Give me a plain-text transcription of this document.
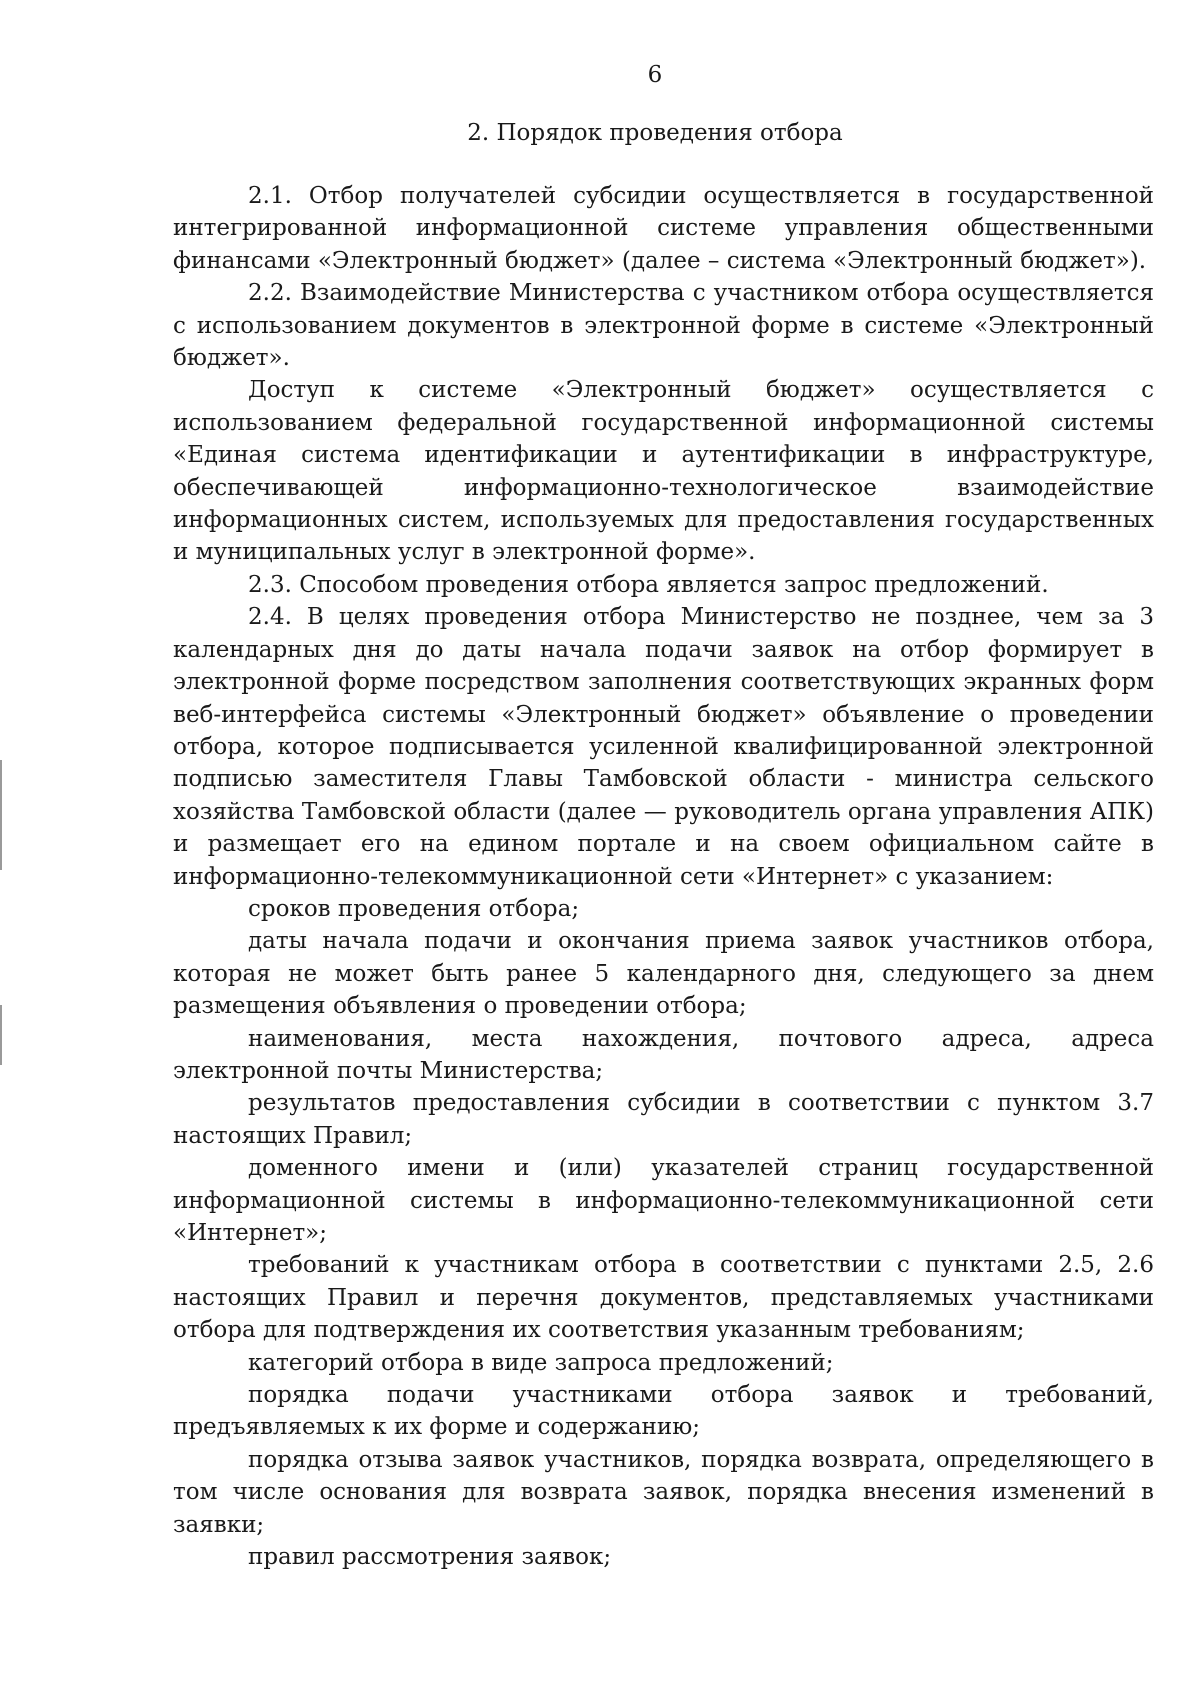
6
2. Порядок проведения отбора

2.1. Отбор получателей субсидии осуществляется в государственной интегрированной информационной системе управления общественными финансами «Электронный бюджет» (далее – система «Электронный бюджет»).

2.2. Взаимодействие Министерства с участником отбора осуществляется с использованием документов в электронной форме в системе «Электронный бюджет».

Доступ к системе «Электронный бюджет» осуществляется с использованием федеральной государственной информационной системы «Единая система идентификации и аутентификации в инфраструктуре, обеспечивающей информационно-технологическое взаимодействие информационных систем, используемых для предоставления государственных и муниципальных услуг в электронной форме».

2.3. Способом проведения отбора является запрос предложений.

2.4. В целях проведения отбора Министерство не позднее, чем за 3 календарных дня до даты начала подачи заявок на отбор формирует в электронной форме посредством заполнения соответствующих экранных форм веб-интерфейса системы «Электронный бюджет» объявление о проведении отбора, которое подписывается усиленной квалифицированной электронной подписью заместителя Главы Тамбовской области - министра сельского хозяйства Тамбовской области (далее — руководитель органа управления АПК) и размещает его на едином портале и на своем официальном сайте в информационно-телекоммуникационной сети «Интернет» с указанием:

сроков проведения отбора;

даты начала подачи и окончания приема заявок участников отбора, которая не может быть ранее 5 календарного дня, следующего за днем размещения объявления о проведении отбора;

наименования, места нахождения, почтового адреса, адреса электронной почты Министерства;

результатов предоставления субсидии в соответствии с пунктом 3.7 настоящих Правил;

доменного имени и (или) указателей страниц государственной информационной системы в информационно-телекоммуникационной сети «Интернет»;

требований к участникам отбора в соответствии с пунктами 2.5, 2.6 настоящих Правил и перечня документов, представляемых участниками отбора для подтверждения их соответствия указанным требованиям;

категорий отбора в виде запроса предложений;

порядка подачи участниками отбора заявок и требований, предъявляемых к их форме и содержанию;

порядка отзыва заявок участников, порядка возврата, определяющего в том числе основания для возврата заявок, порядка внесения изменений в заявки;

правил рассмотрения заявок;
